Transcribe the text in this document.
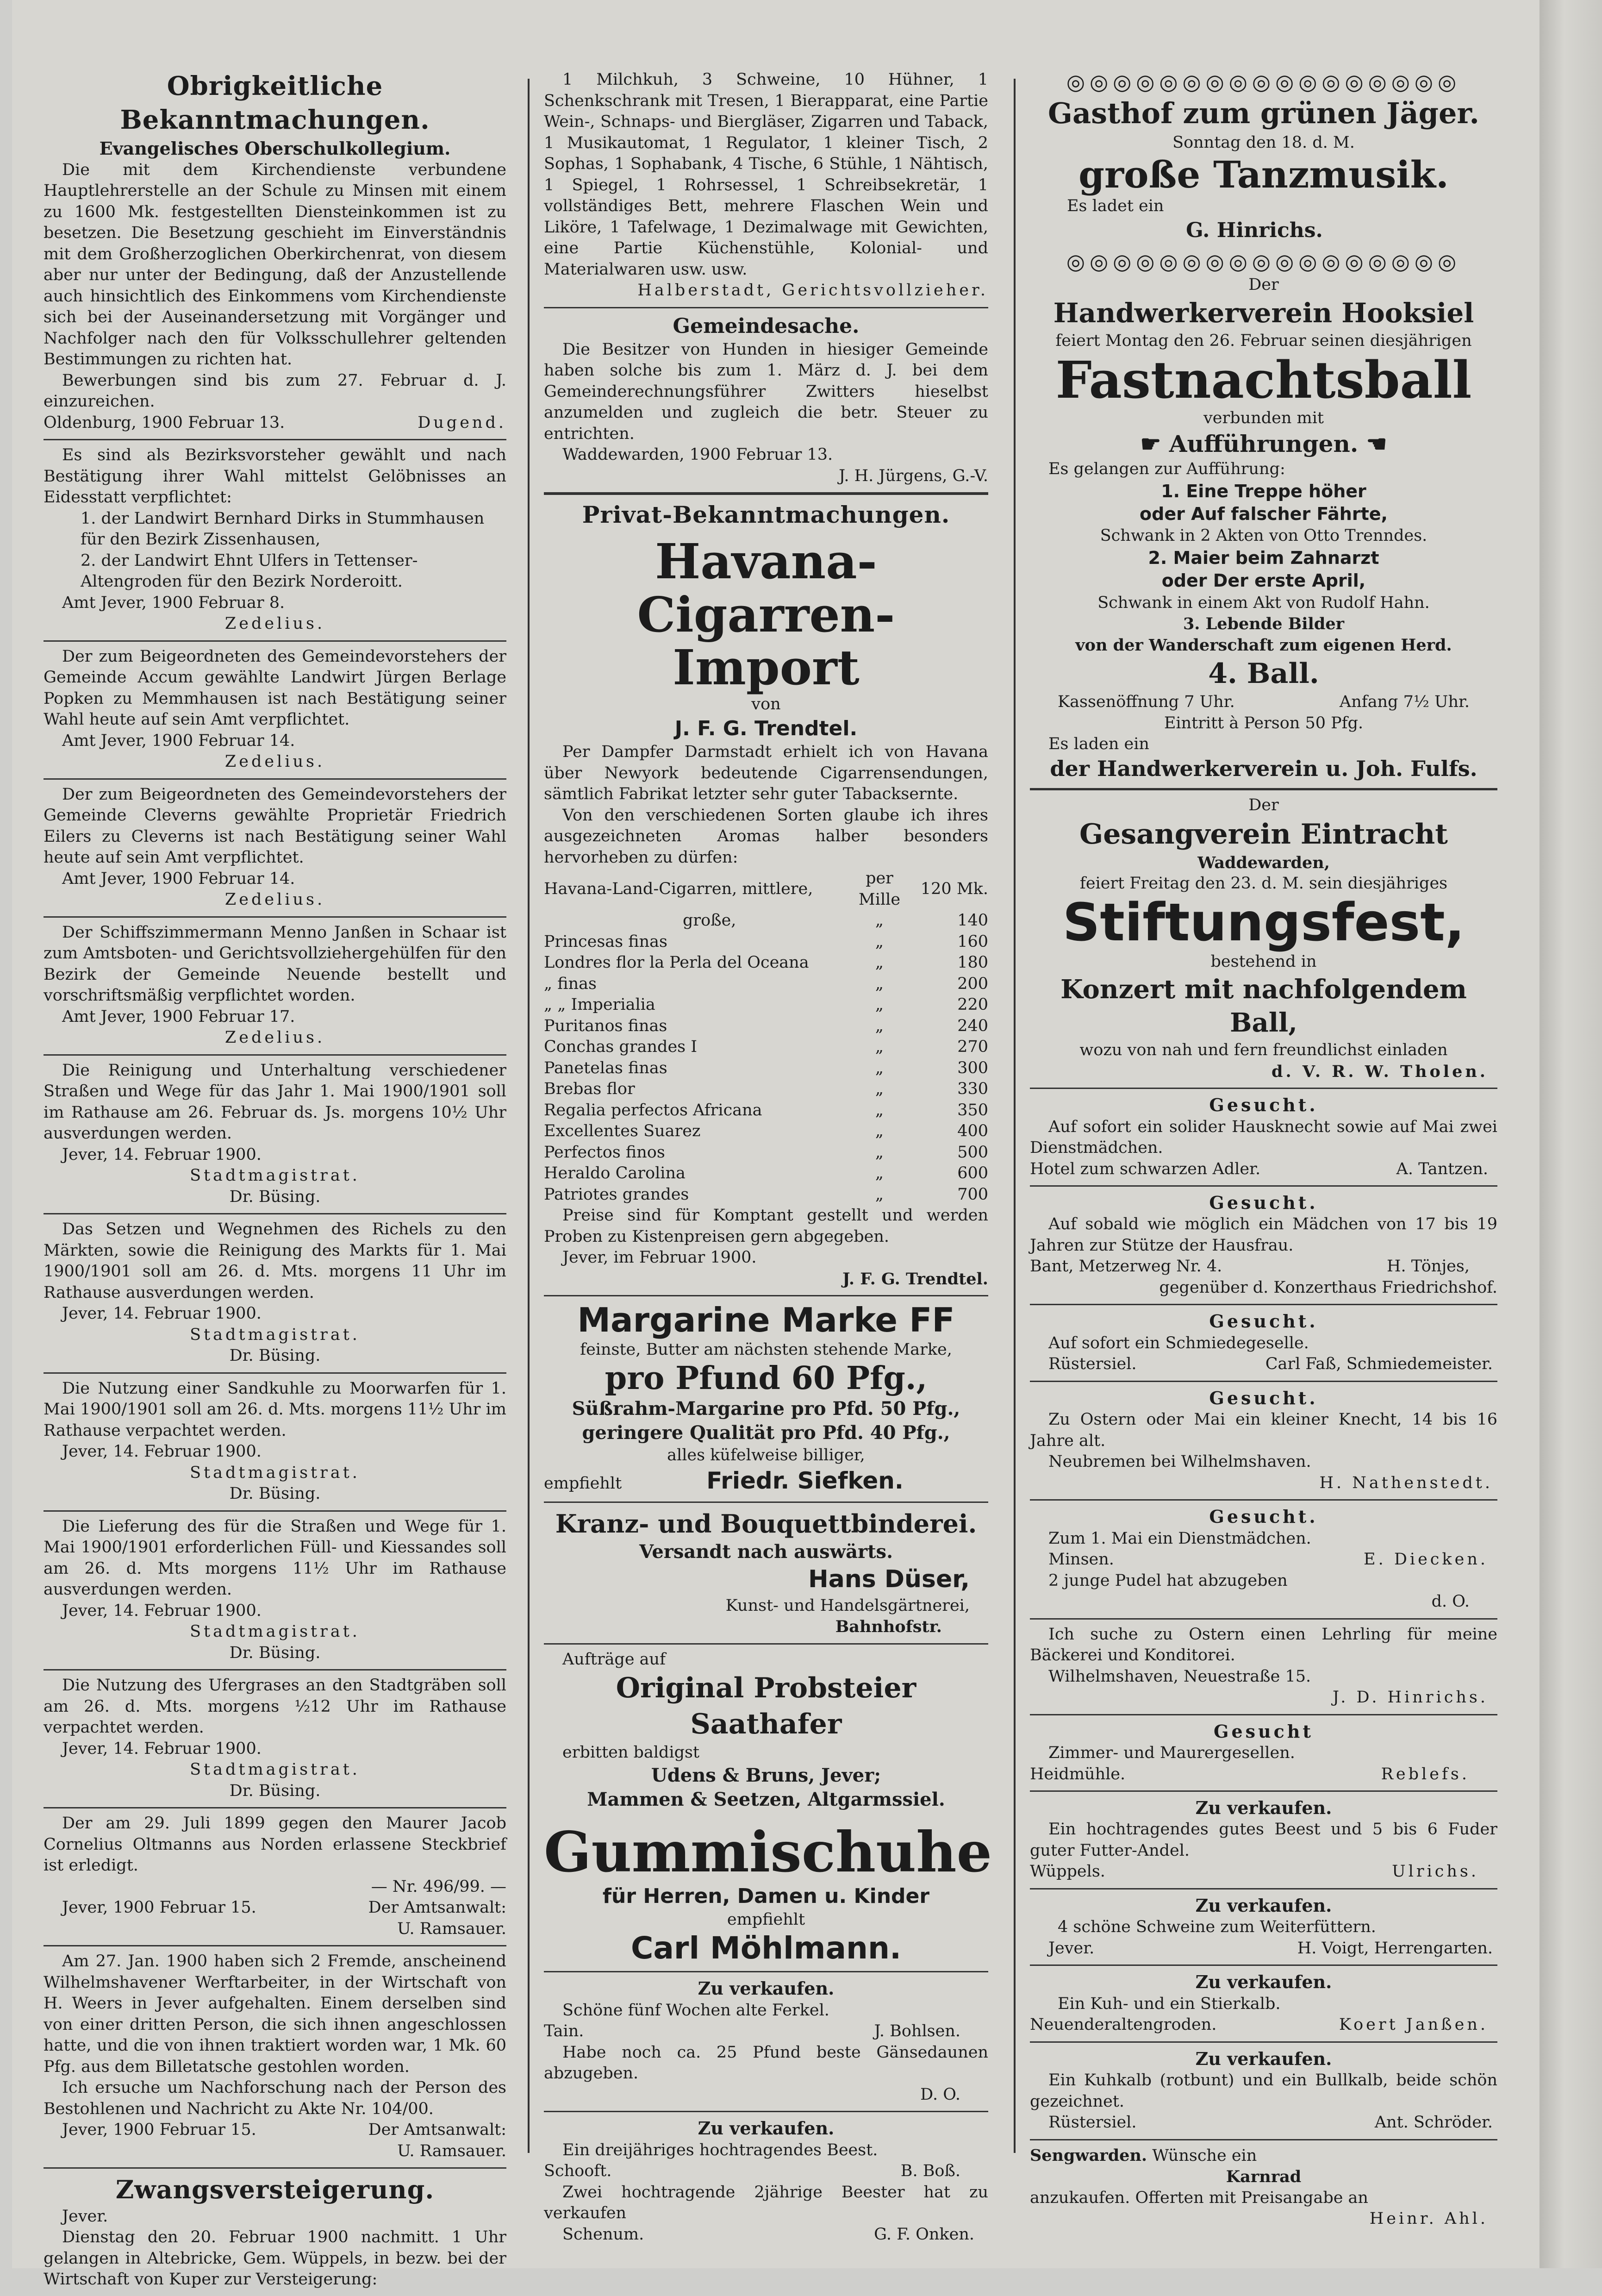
Obrigkeitliche Bekanntmachungen.
Evangelisches Oberschulkollegium.
Die mit dem Kirchendienste verbundene Hauptlehrerstelle an der Schule zu Minsen mit einem zu 1600 Mk. festgestellten Diensteinkommen ist zu besetzen. Die Besetzung geschieht im Einverständnis mit dem Großherzoglichen Oberkirchenrat, von diesem aber nur unter der Bedingung, daß der Anzustellende auch hinsichtlich des Einkommens vom Kirchendienste sich bei der Auseinandersetzung mit Vorgänger und Nachfolger nach den für Volksschullehrer geltenden Bestimmungen zu richten hat.
Bewerbungen sind bis zum 27. Februar d. J. einzureichen.
Oldenburg, 1900 Februar 13.	Dugend.
Es sind als Bezirksvorsteher gewählt und nach Bestätigung ihrer Wahl mittelst Gelöbnisses an Eidesstatt verpflichtet:
1. der Landwirt Bernhard Dirks in Stummhausen für den Bezirk Zissenhausen,
2. der Landwirt Ehnt Ulfers in Tettenser-Altengroden für den Bezirk Norderoitt.
Amt Jever, 1900 Februar 8.
Zedelius.
Der zum Beigeordneten des Gemeindevorstehers der Gemeinde Accum gewählte Landwirt Jürgen Berlage Popken zu Memmhausen ist nach Bestätigung seiner Wahl heute auf sein Amt verpflichtet.
Amt Jever, 1900 Februar 14.
Zedelius.
Der zum Beigeordneten des Gemeindevorstehers der Gemeinde Cleverns gewählte Proprietär Friedrich Eilers zu Cleverns ist nach Bestätigung seiner Wahl heute auf sein Amt verpflichtet.
Amt Jever, 1900 Februar 14.
Zedelius.
Der Schiffszimmermann Menno Janßen in Schaar ist zum Amtsboten- und Gerichtsvollziehergehülfen für den Bezirk der Gemeinde Neuende bestellt und vorschriftsmäßig verpflichtet worden.
Amt Jever, 1900 Februar 17.
Zedelius.
Die Reinigung und Unterhaltung verschiedener Straßen und Wege für das Jahr 1. Mai 1900/1901 soll im Rathause am 26. Februar ds. Js. morgens 10½ Uhr ausverdungen werden.
Jever, 14. Februar 1900.
Stadtmagistrat.
Dr. Büsing.
Das Setzen und Wegnehmen des Richels zu den Märkten, sowie die Reinigung des Markts für 1. Mai 1900/1901 soll am 26. d. Mts. morgens 11 Uhr im Rathause ausverdungen werden.
Jever, 14. Februar 1900.
Stadtmagistrat.
Dr. Büsing.
Die Nutzung einer Sandkuhle zu Moorwarfen für 1. Mai 1900/1901 soll am 26. d. Mts. morgens 11½ Uhr im Rathause verpachtet werden.
Jever, 14. Februar 1900.
Stadtmagistrat.
Dr. Büsing.
Die Lieferung des für die Straßen und Wege für 1. Mai 1900/1901 erforderlichen Füll- und Kiessandes soll am 26. d. Mts morgens 11½ Uhr im Rathause ausverdungen werden.
Jever, 14. Februar 1900.
Stadtmagistrat.
Dr. Büsing.
Die Nutzung des Ufergrases an den Stadtgräben soll am 26. d. Mts. morgens ½12 Uhr im Rathause verpachtet werden.
Jever, 14. Februar 1900.
Stadtmagistrat.
Dr. Büsing.
Der am 29. Juli 1899 gegen den Maurer Jacob Cornelius Oltmanns aus Norden erlassene Steckbrief ist erledigt.
— Nr. 496/99. —
Jever, 1900 Februar 15.	Der Amtsanwalt:
U. Ramsauer.
Am 27. Jan. 1900 haben sich 2 Fremde, anscheinend Wilhelmshavener Werftarbeiter, in der Wirtschaft von H. Weers in Jever aufgehalten. Einem derselben sind von einer dritten Person, die sich ihnen angeschlossen hatte, und die von ihnen traktiert worden war, 1 Mk. 60 Pfg. aus dem Billetatsche gestohlen worden.
Ich ersuche um Nachforschung nach der Person des Bestohlenen und Nachricht zu Akte Nr. 104/00.
Jever, 1900 Februar 15.	Der Amtsanwalt:
U. Ramsauer.
Zwangsversteigerung.
Jever.
Dienstag den 20. Februar 1900 nachmitt. 1 Uhr gelangen in Altebricke, Gem. Wüppels, in bezw. bei der Wirtschaft von Kuper zur Versteigerung:
1 Milchkuh, 3 Schweine, 10 Hühner, 1 Schenkschrank mit Tresen, 1 Bierapparat, eine Partie Wein-, Schnaps- und Biergläser, Zigarren und Taback, 1 Musikautomat, 1 Regulator, 1 kleiner Tisch, 2 Sophas, 1 Sophabank, 4 Tische, 6 Stühle, 1 Nähtisch, 1 Spiegel, 1 Rohrsessel, 1 Schreibsekretär, 1 vollständiges Bett, mehrere Flaschen Wein und Liköre, 1 Tafelwage, 1 Dezimalwage mit Gewichten, eine Partie Küchenstühle, Kolonial- und Materialwaren usw. usw.
Halberstadt, Gerichtsvollzieher.
Gemeindesache.
Die Besitzer von Hunden in hiesiger Gemeinde haben solche bis zum 1. März d. J. bei dem Gemeinderechnungsführer Zwitters hieselbst anzumelden und zugleich die betr. Steuer zu entrichten.
Waddewarden, 1900 Februar 13.
J. H. Jürgens, G.-V.
Privat-Bekanntmachungen.
Havana-Cigarren-Import
von
J. F. G. Trendtel.
Per Dampfer Darmstadt erhielt ich von Havana über Newyork bedeutende Cigarrensendungen, sämtlich Fabrikat letzter sehr guter Tabacksernte.
Von den verschiedenen Sorten glaube ich ihres ausgezeichneten Aromas halber besonders hervorheben zu dürfen:
Havana-Land-Cigarren, mittlere,	per Mille	120 Mk.
große,	„	140
Princesas finas	„	160
Londres flor la Perla del Oceana	„	180
„ finas	„	200
„ „ Imperialia	„	220
Puritanos finas	„	240
Conchas grandes I	„	270
Panetelas finas	„	300
Brebas flor	„	330
Regalia perfectos Africana	„	350
Excellentes Suarez	„	400
Perfectos finos	„	500
Heraldo Carolina	„	600
Patriotes grandes	„	700
Preise sind für Komptant gestellt und werden Proben zu Kistenpreisen gern abgegeben.
Jever, im Februar 1900.
J. F. G. Trendtel.
Margarine Marke FF
feinste, Butter am nächsten stehende Marke,
pro Pfund 60 Pfg.,
Süßrahm-Margarine pro Pfd. 50 Pfg.,
geringere Qualität pro Pfd. 40 Pfg.,
alles küfelweise billiger,
empfiehlt	Friedr. Siefken.
Kranz- und Bouquettbinderei.
Versandt nach auswärts.
Hans Düser,
Kunst- und Handelsgärtnerei,
Bahnhofstr.
Aufträge auf
Original Probsteier Saathafer
erbitten baldigst
Udens & Bruns, Jever;
Mammen & Seetzen, Altgarmssiel.
Gummischuhe
für Herren, Damen u. Kinder
empfiehlt
Carl Möhlmann.
Zu verkaufen.
Schöne fünf Wochen alte Ferkel.
Tain.	J. Bohlsen.
Habe noch ca. 25 Pfund beste Gänsedaunen abzugeben.
D. O.
Zu verkaufen.
Ein dreijähriges hochtragendes Beest.
Schooft.	B. Boß.
Zwei hochtragende 2jährige Beester hat zu verkaufen
Schenum.	G. F. Onken.
◎◎◎◎◎◎◎◎◎◎◎◎◎◎◎◎◎
Gasthof zum grünen Jäger.
Sonntag den 18. d. M.
große Tanzmusik.
Es ladet ein
G. Hinrichs.
◎◎◎◎◎◎◎◎◎◎◎◎◎◎◎◎◎
Der
Handwerkerverein Hooksiel
feiert Montag den 26. Februar seinen diesjährigen
Fastnachtsball
verbunden mit
☛ Aufführungen. ☚
Es gelangen zur Aufführung:
1. Eine Treppe höher
oder Auf falscher Fährte,
Schwank in 2 Akten von Otto Trenndes.
2. Maier beim Zahnarzt
oder Der erste April,
Schwank in einem Akt von Rudolf Hahn.
3. Lebende Bilder
von der Wanderschaft zum eigenen Herd.
4. Ball.
Kassenöffnung 7 Uhr.	Anfang 7½ Uhr.
Eintritt à Person 50 Pfg.
Es laden ein
der Handwerkerverein u. Joh. Fulfs.
Der
Gesangverein Eintracht
Waddewarden,
feiert Freitag den 23. d. M. sein diesjähriges
Stiftungsfest,
bestehend in
Konzert mit nachfolgendem Ball,
wozu von nah und fern freundlichst einladen
d. V. R. W. Tholen.
Gesucht.
Auf sofort ein solider Hausknecht sowie auf Mai zwei Dienstmädchen.
Hotel zum schwarzen Adler.	A. Tantzen.
Gesucht.
Auf sobald wie möglich ein Mädchen von 17 bis 19 Jahren zur Stütze der Hausfrau.
Bant, Metzerweg Nr. 4.	H. Tönjes,
gegenüber d. Konzerthaus Friedrichshof.
Gesucht.
Auf sofort ein Schmiedegeselle.
Rüstersiel.	Carl Faß, Schmiedemeister.
Gesucht.
Zu Ostern oder Mai ein kleiner Knecht, 14 bis 16 Jahre alt.
Neubremen bei Wilhelmshaven.
H. Nathenstedt.
Gesucht.
Zum 1. Mai ein Dienstmädchen.
Minsen.	E. Diecken.
2 junge Pudel hat abzugeben
d. O.
Ich suche zu Ostern einen Lehrling für meine Bäckerei und Konditorei.
Wilhelmshaven, Neuestraße 15.
J. D. Hinrichs.
Gesucht
Zimmer- und Maurergesellen.
Heidmühle.	Reblefs.
Zu verkaufen.
Ein hochtragendes gutes Beest und 5 bis 6 Fuder guter Futter-Andel.
Wüppels.	Ulrichs.
Zu verkaufen.
4 schöne Schweine zum Weiterfüttern.
Jever.	H. Voigt, Herrengarten.
Zu verkaufen.
Ein Kuh- und ein Stierkalb.
Neuenderaltengroden.	Koert Janßen.
Zu verkaufen.
Ein Kuhkalb (rotbunt) und ein Bullkalb, beide schön gezeichnet.
Rüstersiel.	Ant. Schröder.
Sengwarden. Wünsche ein
Karnrad
anzukaufen. Offerten mit Preisangabe an
Heinr. Ahl.
